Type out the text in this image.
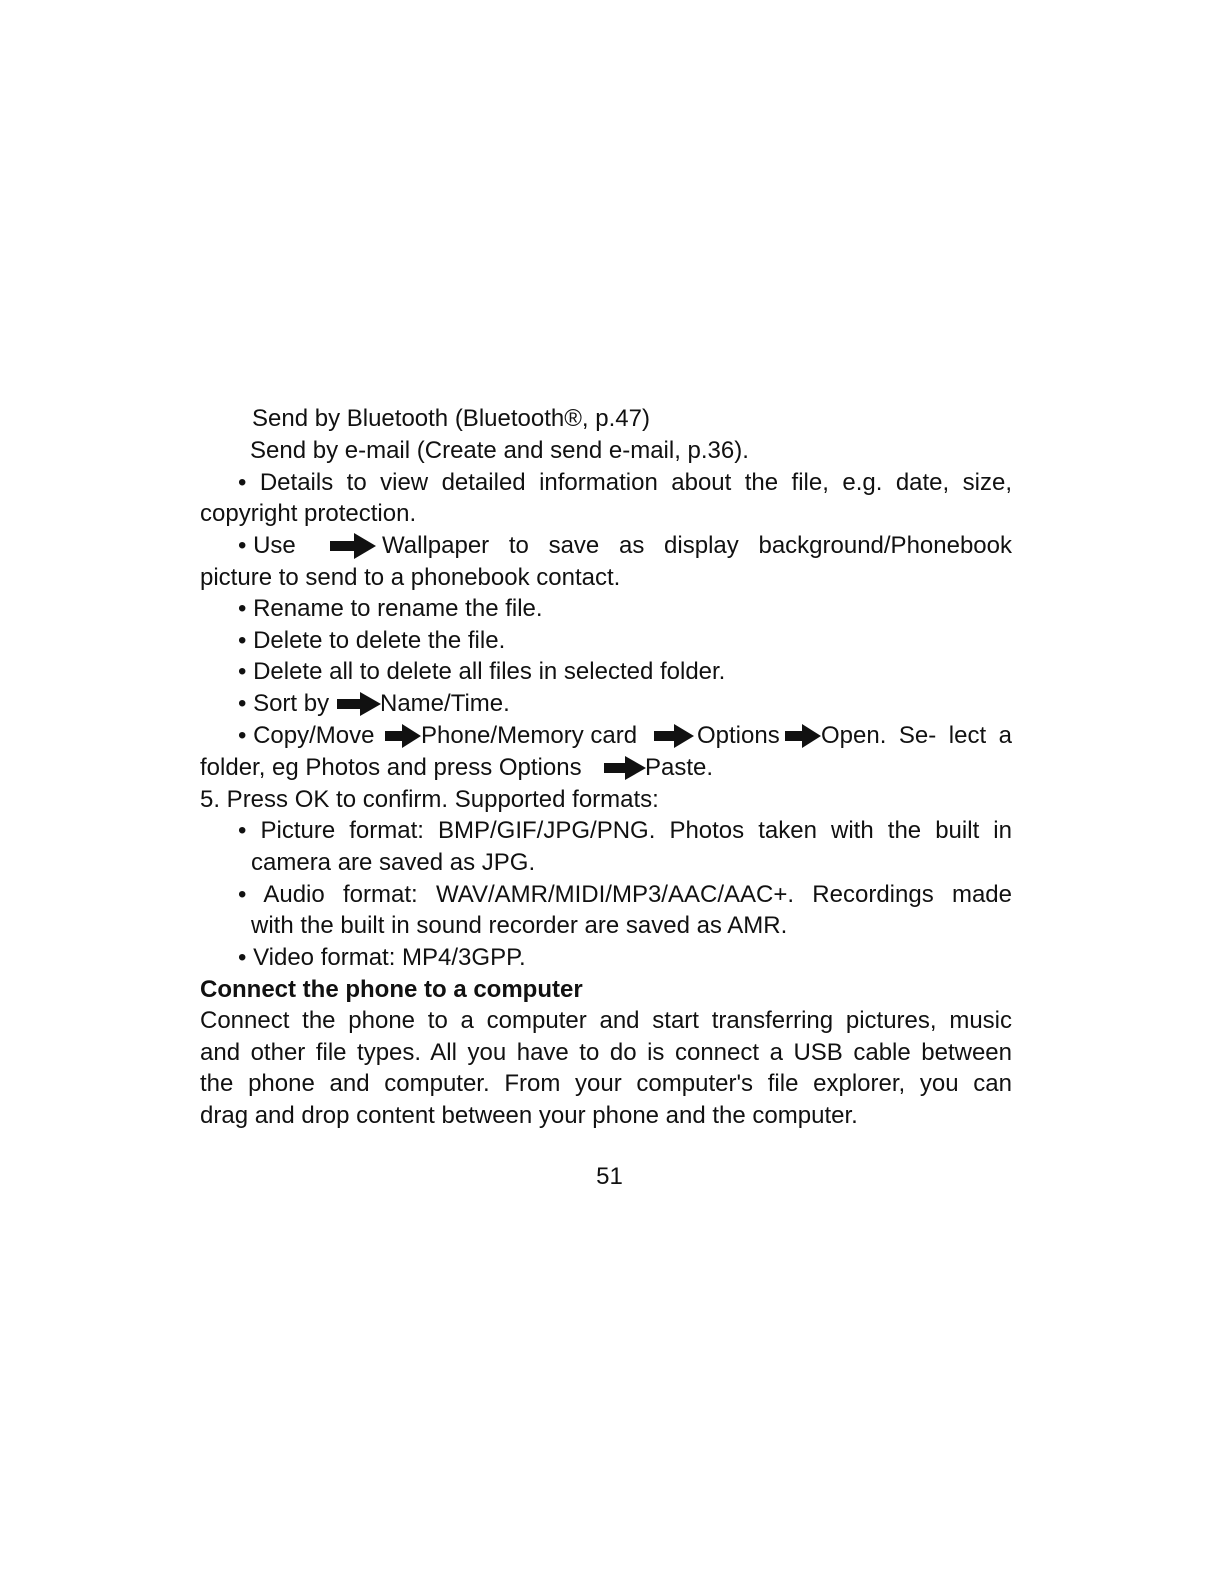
Send by Bluetooth (Bluetooth®, p.47)
Send by e-mail (Create and send e-mail, p.36).
• Details to view detailed information about the file, e.g. date, size,
copyright protection.
• Use	Wallpaper to save as display background/Phonebook
picture to send to a phonebook contact.
• Rename to rename the file.
• Delete to delete the file.
• Delete all to delete all files in selected folder.
• Sort by Name/Time.
• Copy/Move Phone/Memory card Options Open. Se- lect a
folder, eg Photos and press Options	Paste.
5. Press OK to confirm. Supported formats:
• Picture format: BMP/GIF/JPG/PNG. Photos taken with the built in
camera are saved as JPG.
• Audio format: WAV/AMR/MIDI/MP3/AAC/AAC+. Recordings made
with the built in sound recorder are saved as AMR.
• Video format: MP4/3GPP.
Connect the phone to a computer
Connect the phone to a computer and start transferring pictures, music
and other file types. All you have to do is connect a USB cable between
the phone and computer. From your computer's file explorer, you can
drag and drop content between your phone and the computer.
51
